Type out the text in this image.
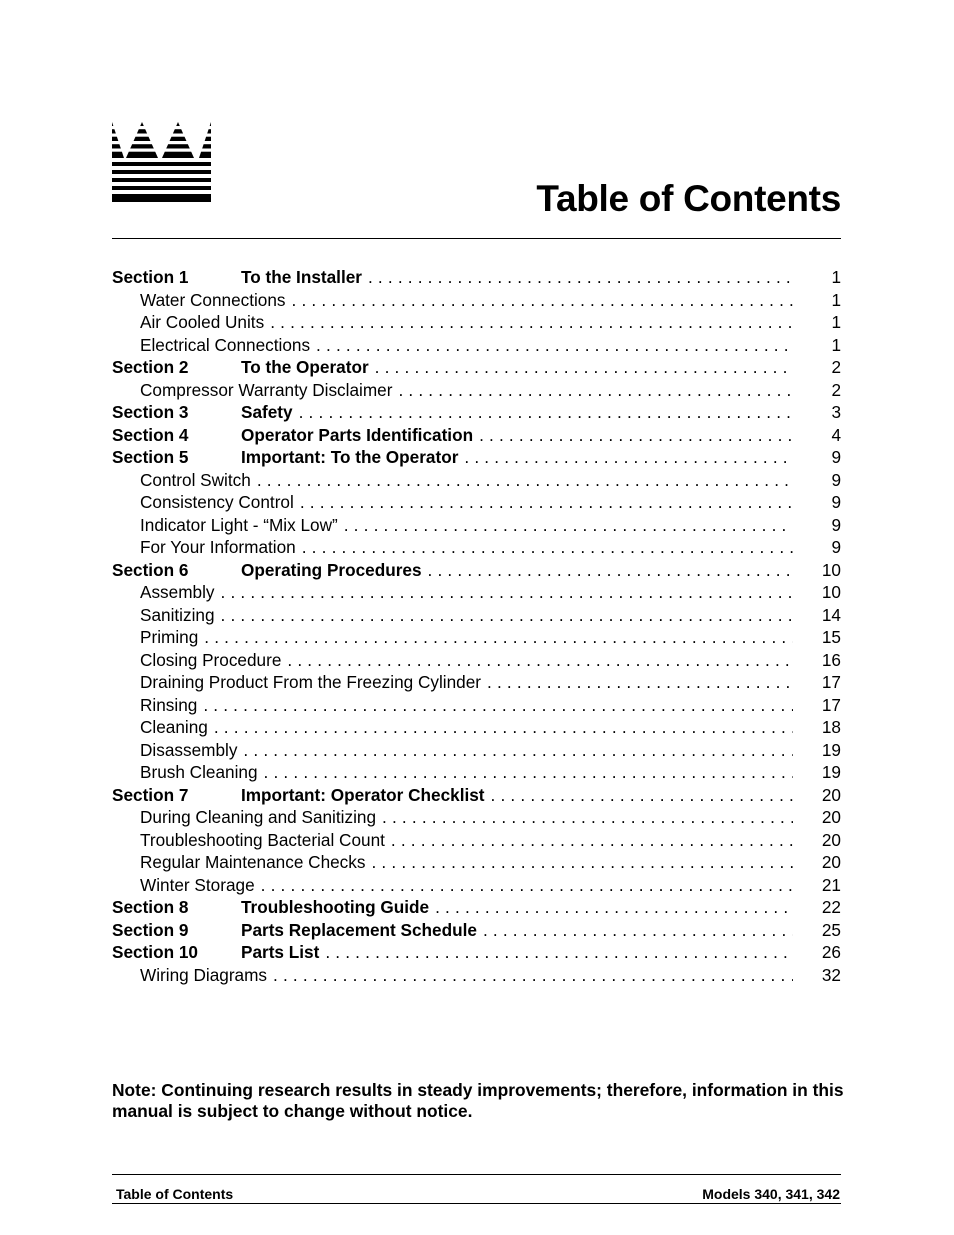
Table of Contents
Section 1	To the Installer . . .	1
Water Connections . . .	1
Air Cooled Units . . .	1
Electrical Connections . . .	1
Section 2	To the Operator . . .	2
Compressor Warranty Disclaimer . . .	2
Section 3	Safety . . .	3
Section 4	Operator Parts Identification . . .	4
Section 5	Important: To the Operator . . .	9
Control Switch . . .	9
Consistency Control . . .	9
Indicator Light - “Mix Low” . . .	9
For Your Information . . .	9
Section 6	Operating Procedures . . .	10
Assembly . . .	10
Sanitizing . . .	14
Priming . . .	15
Closing Procedure . . .	16
Draining Product From the Freezing Cylinder . . .	17
Rinsing . . .	17
Cleaning . . .	18
Disassembly . . .	19
Brush Cleaning . . .	19
Section 7	Important: Operator Checklist . . .	20
During Cleaning and Sanitizing . . .	20
Troubleshooting Bacterial Count . . .	20
Regular Maintenance Checks . . .	20
Winter Storage . . .	21
Section 8	Troubleshooting Guide . . .	22
Section 9	Parts Replacement Schedule . . .	25
Section 10	Parts List . . .	26
Wiring Diagrams . . .	32
Note: Continuing research results in steady improvements; therefore, information in this manual is subject to change without notice.
Table of Contents	Models 340, 341, 342
